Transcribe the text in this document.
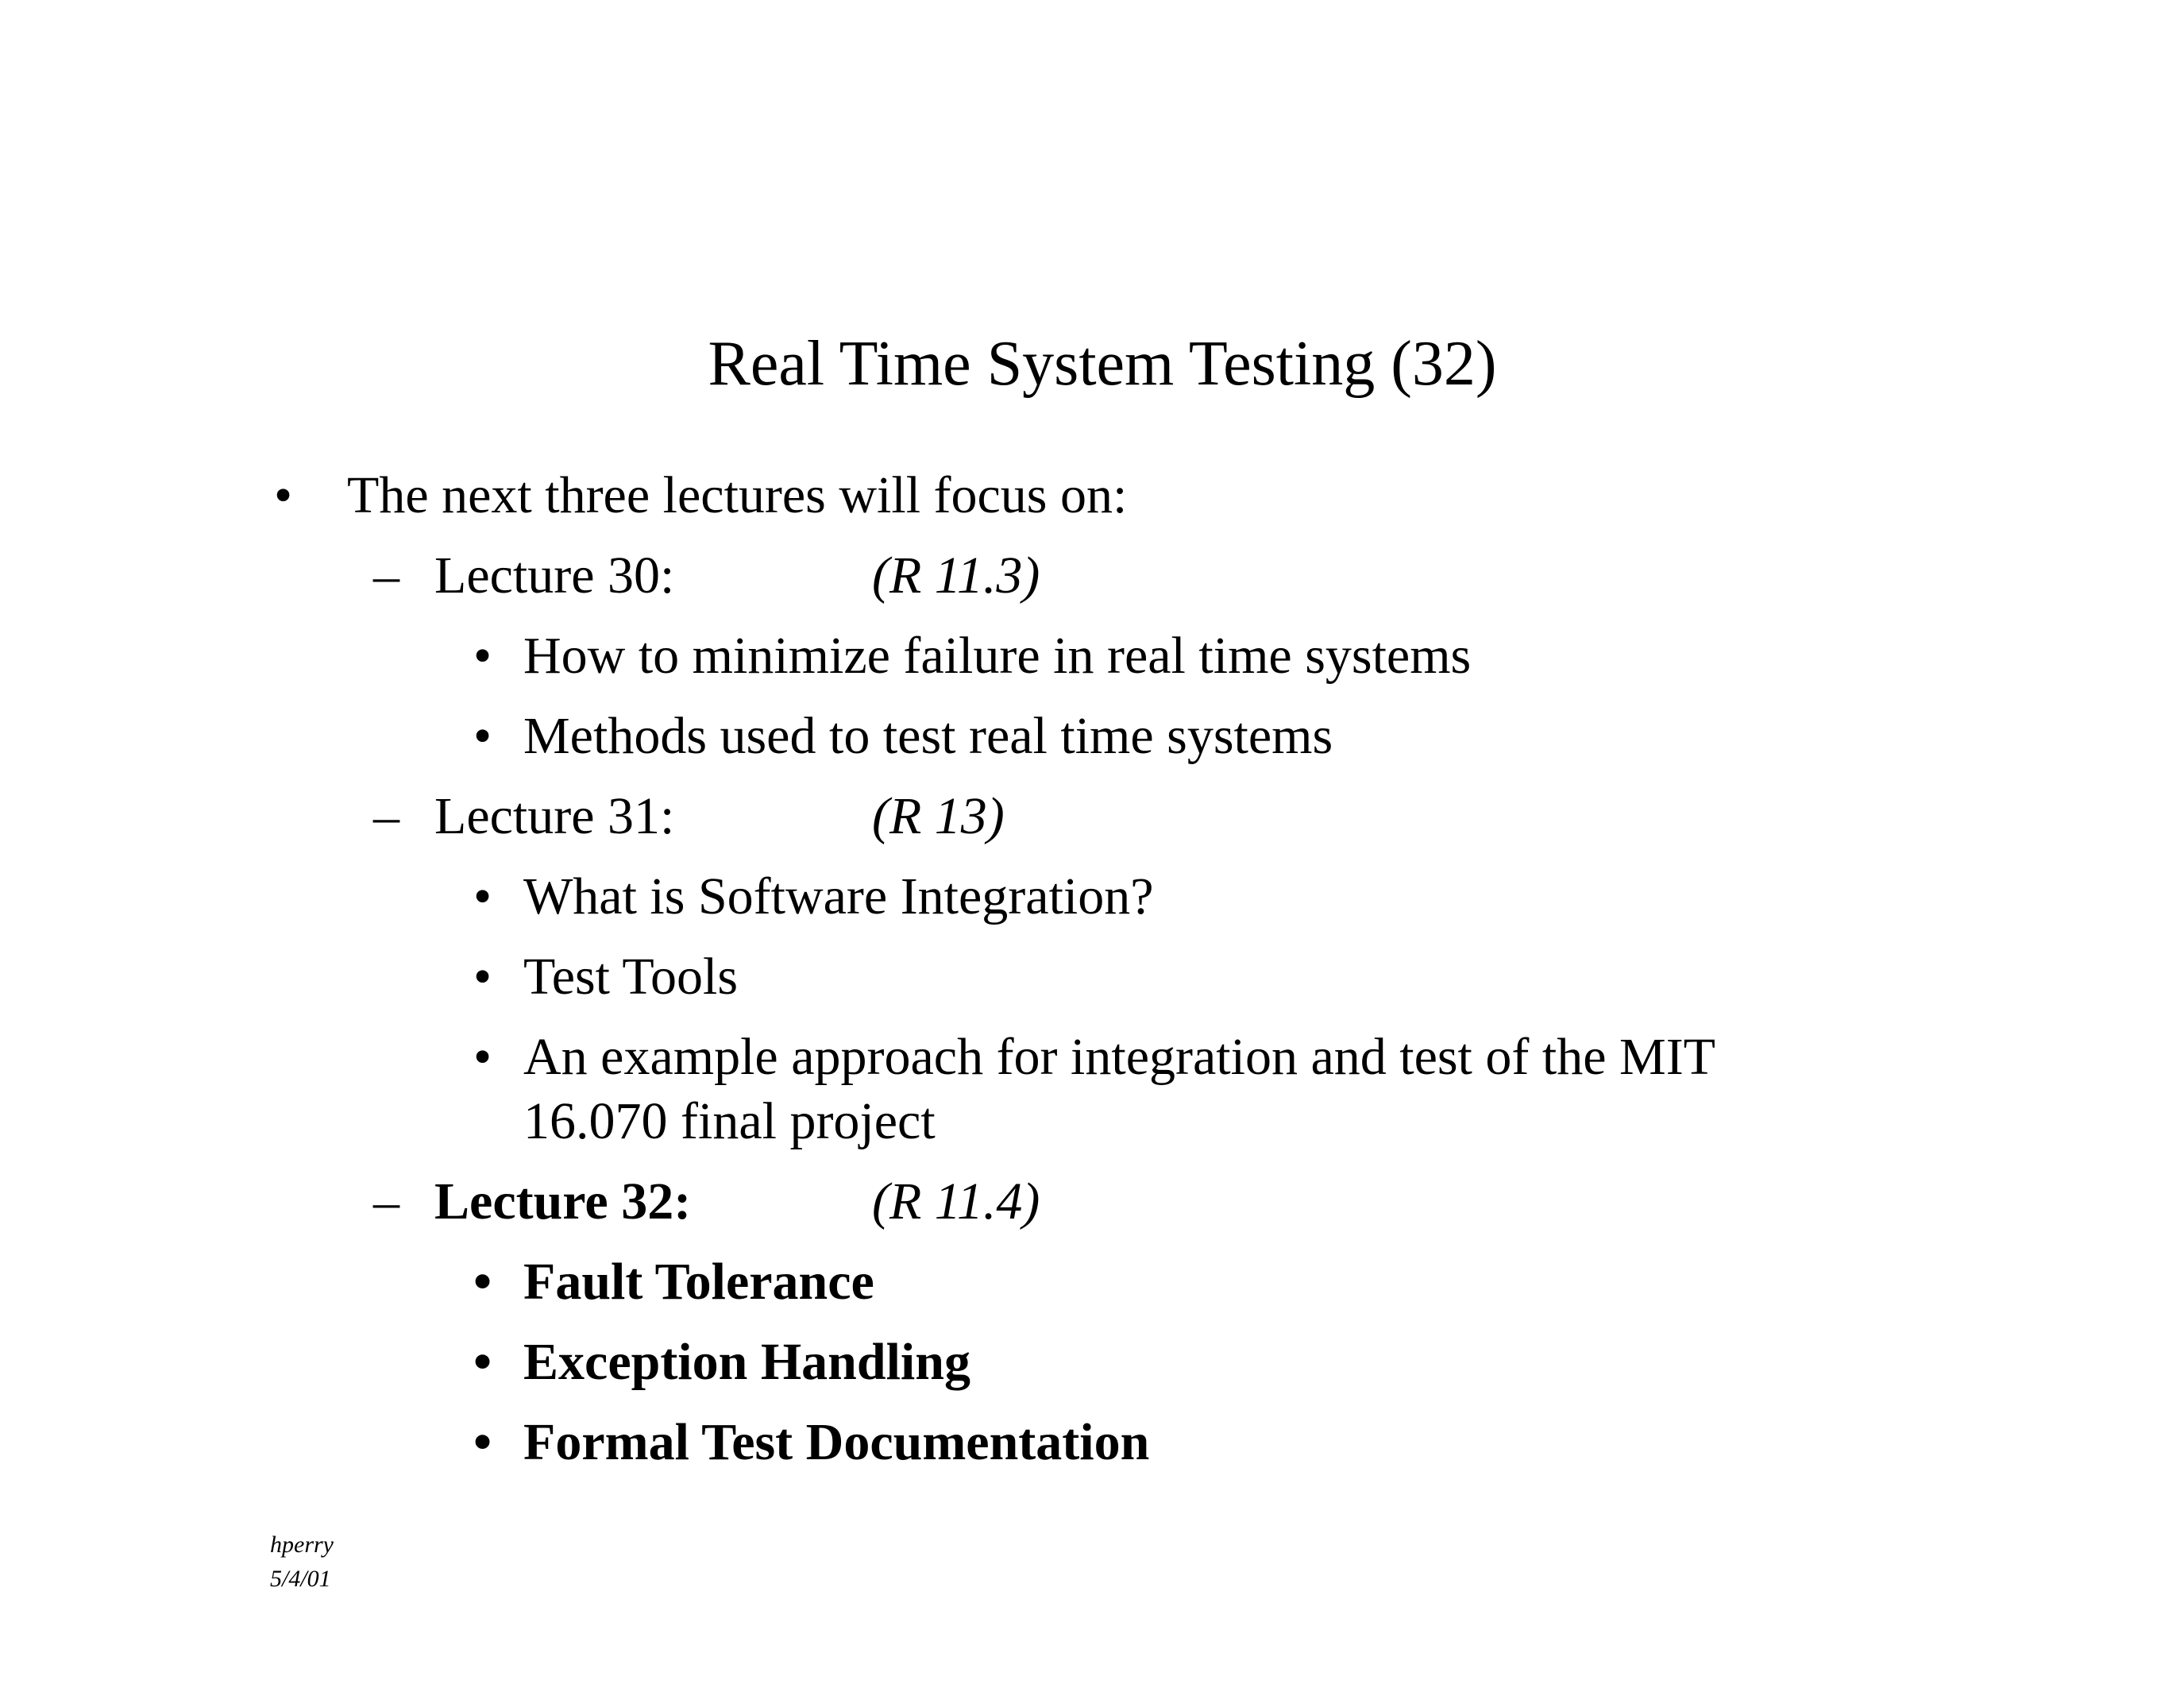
Real Time System Testing (32)
• The next three lectures will focus on:
– Lecture 30:	(R 11.3)
• How to minimize failure in real time systems
• Methods used to test real time systems
– Lecture 31:	(R 13)
• What is Software Integration?
• Test Tools
• An example approach for integration and test of the MIT
16.070 final project
– Lecture 32:	(R 11.4)
• Fault Tolerance
• Exception Handling
• Formal Test Documentation
hperry
5/4/01
